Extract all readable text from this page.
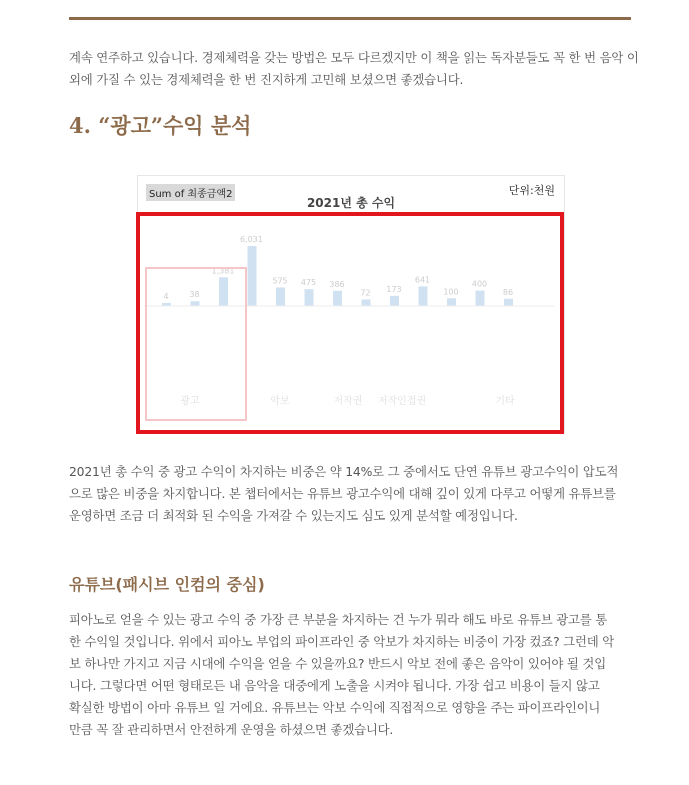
계속 연주하고 있습니다. 경제체력을 갖는 방법은 모두 다르겠지만 이 책을 읽는 독자분들도 꼭 한 번 음악 이외에 가질 수 있는 경제체력을 한 번 진지하게 고민해 보셨으면 좋겠습니다.

4. “광고”수익 분석
Sum of 최종금액2	단위:천원
2021년 총 수익
4	38
1,381
6,031
575 475 386
72 173
641
100
400
86
광고	악보	저작권 저작인접권	기타

2021년 총 수익 중 광고 수익이 차지하는 비중은 약 14%로 그 중에서도 단연 유튜브 광고수익이 압도적으로 많은 비중을 차지합니다. 본 챕터에서는 유튜브 광고수익에 대해 깊이 있게 다루고 어떻게 유튜브를 운영하면 조금 더 최적화 된 수익을 가져갈 수 있는지도 심도 있게 분석할 예정입니다.

유튜브(패시브 인컴의 중심)

피아노로 얻을 수 있는 광고 수익 중 가장 큰 부분을 차지하는 건 누가 뭐라 해도 바로 유튜브 광고를 통한 수익일 것입니다. 위에서 피아노 부업의 파이프라인 중 악보가 차지하는 비중이 가장 컸죠? 그런데 악보 하나만 가지고 지금 시대에 수익을 얻을 수 있을까요? 반드시 악보 전에 좋은 음악이 있어야 될 것입니다. 그렇다면 어떤 형태로든 내 음악을 대중에게 노출을 시켜야 됩니다. 가장 쉽고 비용이 들지 않고 확실한 방법이 아마 유튜브 일 거에요. 유튜브는 악보 수익에 직접적으로 영향을 주는 파이프라인이니 만큼 꼭 잘 관리하면서 안전하게 운영을 하셨으면 좋겠습니다.
